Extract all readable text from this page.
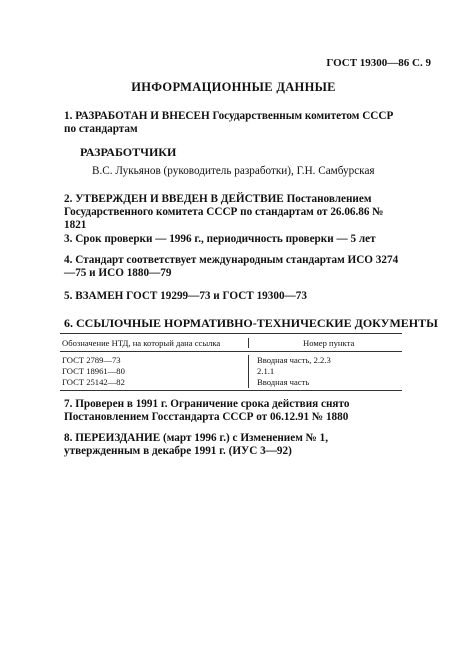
ГОСТ 19300—86 С. 9
ИНФОРМАЦИОННЫЕ ДАННЫЕ
1. РАЗРАБОТАН И ВНЕСЕН Государственным комитетом СССР по стандартам
РАЗРАБОТЧИКИ
В.С. Лукьянов (руководитель разработки), Г.Н. Самбурская
2. УТВЕРЖДЕН И ВВЕДЕН В ДЕЙСТВИЕ Постановлением Государственного комитета СССР по стандартам от 26.06.86 № 1821
3. Срок проверки — 1996 г., периодичность проверки — 5 лет
4. Стандарт соответствует международным стандартам ИСО 3274—75 и ИСО 1880—79
5. ВЗАМЕН ГОСТ 19299—73 и ГОСТ 19300—73
6. ССЫЛОЧНЫЕ НОРМАТИВНО-ТЕХНИЧЕСКИЕ ДОКУМЕНТЫ
Обозначение НТД, на который дана ссылка	Номер пункта
ГОСТ 2789—73	Вводная часть, 2.2.3
ГОСТ 18961—80	2.1.1
ГОСТ 25142—82	Вводная часть
7. Проверен в 1991 г. Ограничение срока действия снято Постановлением Госстандарта СССР от 06.12.91 № 1880
8. ПЕРЕИЗДАНИЕ (март 1996 г.) с Изменением № 1, утвержденным в декабре 1991 г. (ИУС 3—92)
